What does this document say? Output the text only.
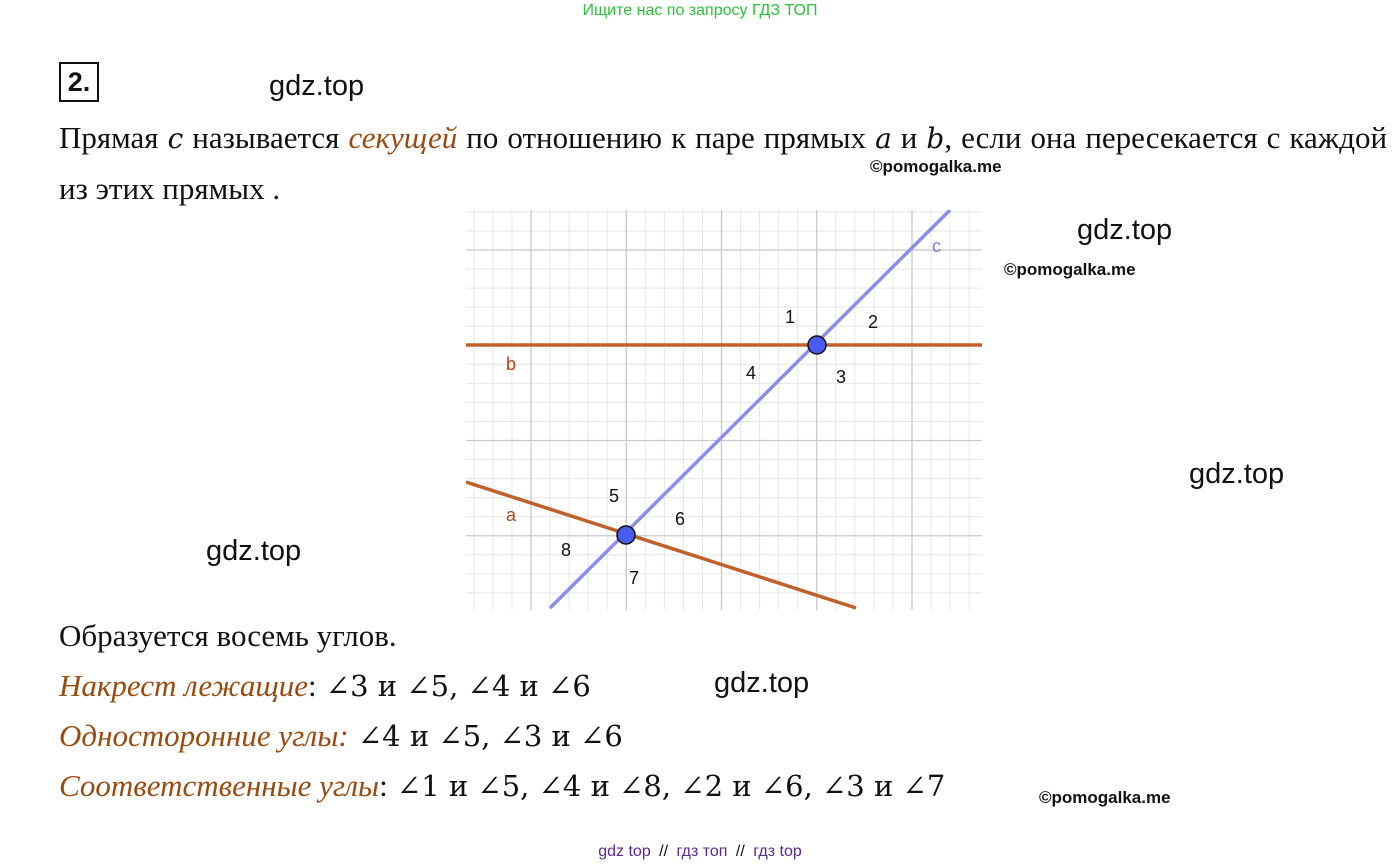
Ищите нас по запросу ГДЗ ТОП
2.	gdz.top
©pomogalka.me
gdz.top
©pomogalka.me
gdz.top
gdz.top
gdz.top
©pomogalka.me
Прямая c называется секущей по отношению к паре прямых a и b, если она пересекается с каждой из этих прямых .
c
b
a
1	2
3
4
5
6
7
8
Образуется восемь углов.
Накрест лежащие: ∠3 и ∠5, ∠4 и ∠6
Односторонние углы: ∠4 и ∠5, ∠3 и ∠6
Соответственные углы: ∠1 и ∠5, ∠4 и ∠8, ∠2 и ∠6, ∠3 и ∠7
gdz top // гдз топ // гдз top
